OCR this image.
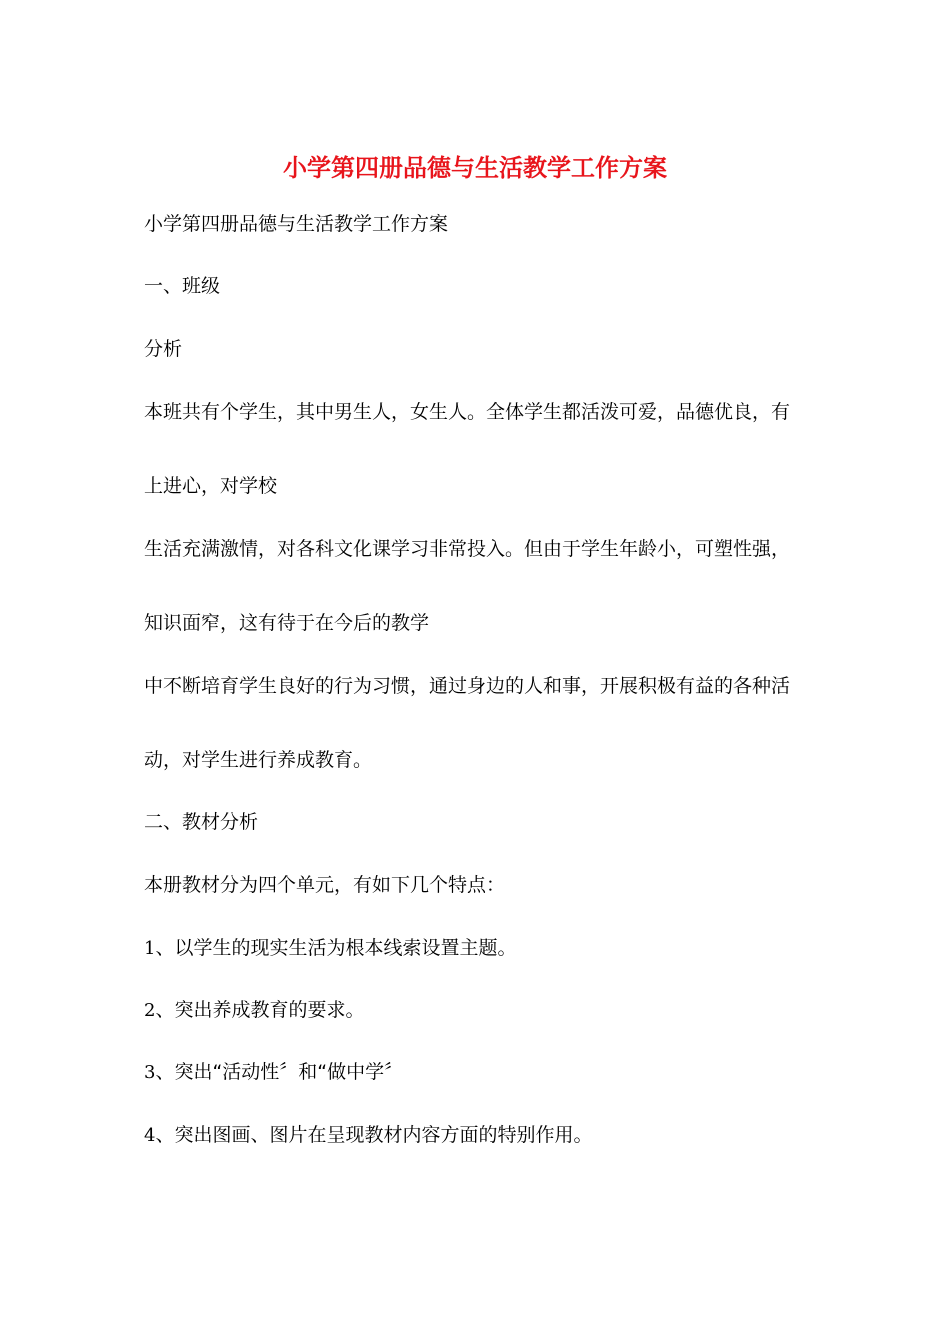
小学第四册品德与生活教学工作方案
小学第四册品德与生活教学工作方案
一、班级
分析
本班共有个学生，其中男生人，女生人。全体学生都活泼可爱，品德优良，有
上进心，对学校
生活充满激情，对各科文化课学习非常投入。但由于学生年龄小，可塑性强，
知识面窄，这有待于在今后的教学
中不断培育学生良好的行为习惯，通过身边的人和事，开展积极有益的各种活
动，对学生进行养成教育。
二、教材分析
本册教材分为四个单元，有如下几个特点：
1、以学生的现实生活为根本线索设置主题。
2、突出养成教育的要求。
3、突出“活动性〞和“做中学〞
4、突出图画、图片在呈现教材内容方面的特别作用。
